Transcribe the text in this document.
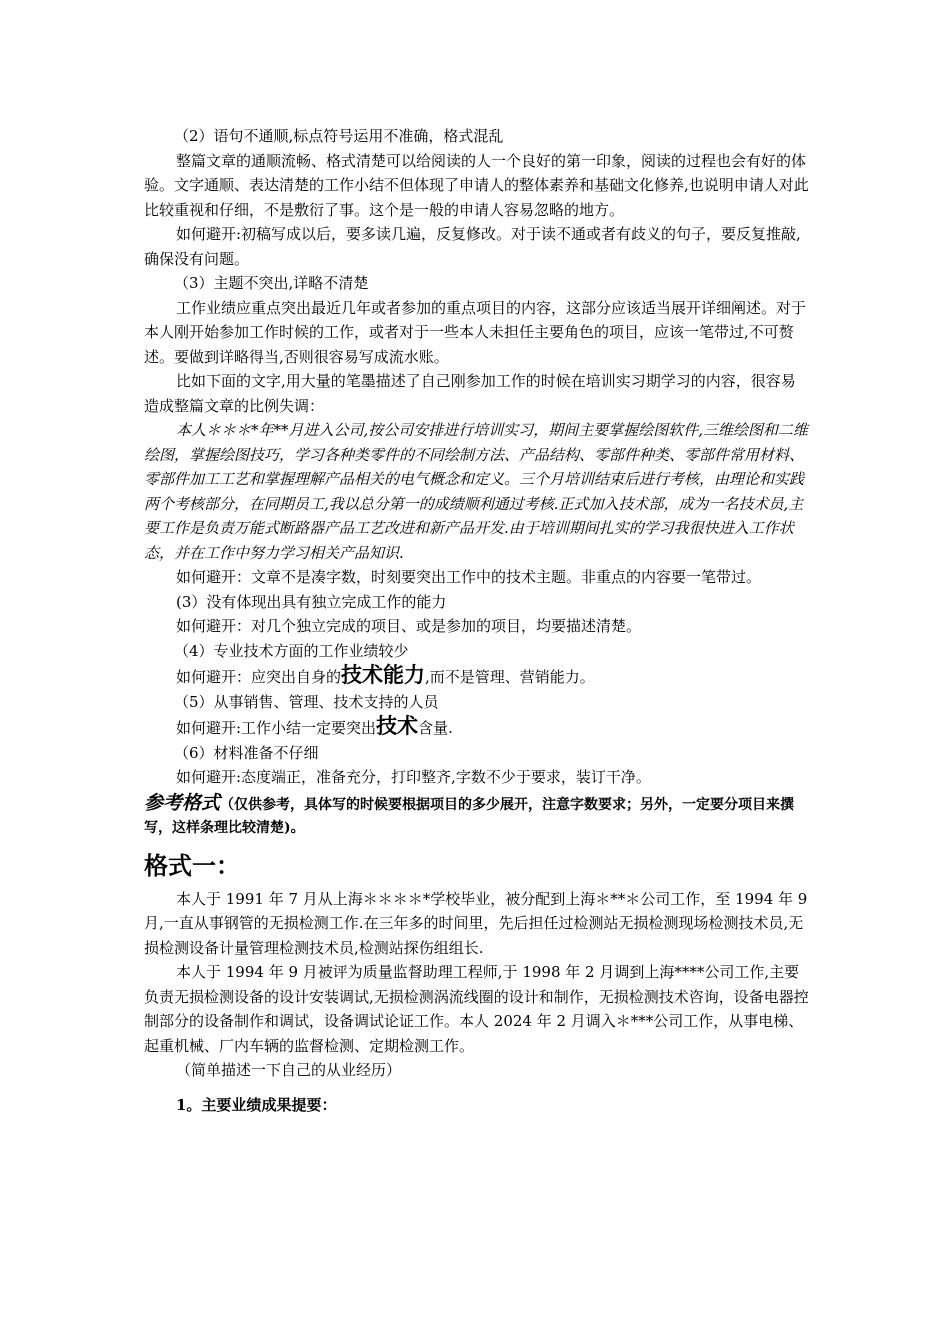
（2）语句不通顺,标点符号运用不准确，格式混乱

整篇文章的通顺流畅、格式清楚可以给阅读的人一个良好的第一印象，阅读的过程也会有好的体验。文字通顺、表达清楚的工作小结不但体现了申请人的整体素养和基础文化修养,也说明申请人对此比较重视和仔细，不是敷衍了事。这个是一般的申请人容易忽略的地方。

如何避开:初稿写成以后，要多读几遍，反复修改。对于读不通或者有歧义的句子，要反复推敲,确保没有问题。

（3）主题不突出,详略不清楚

工作业绩应重点突出最近几年或者参加的重点项目的内容，这部分应该适当展开详细阐述。对于本人刚开始参加工作时候的工作，或者对于一些本人未担任主要角色的项目，应该一笔带过,不可赘述。要做到详略得当,否则很容易写成流水账。

比如下面的文字,用大量的笔墨描述了自己刚参加工作的时候在培训实习期学习的内容，很容易造成整篇文章的比例失调：

本人＊＊＊*年**月进入公司,按公司安排进行培训实习，期间主要掌握绘图软件,三维绘图和二维绘图，掌握绘图技巧，学习各种类零件的不同绘制方法、产品结构、零部件种类、零部件常用材料、零部件加工工艺和掌握理解产品相关的电气概念和定义。三个月培训结束后进行考核，由理论和实践两个考核部分，在同期员工,我以总分第一的成绩顺利通过考核.正式加入技术部，成为一名技术员,主要工作是负责万能式断路器产品工艺改进和新产品开发.由于培训期间扎实的学习我很快进入工作状态，并在工作中努力学习相关产品知识.

如何避开：文章不是凑字数，时刻要突出工作中的技术主题。非重点的内容要一笔带过。

(3）没有体现出具有独立完成工作的能力

如何避开：对几个独立完成的项目、或是参加的项目，均要描述清楚。

（4）专业技术方面的工作业绩较少

如何避开：应突出自身的技术能力,而不是管理、营销能力。

（5）从事销售、管理、技术支持的人员

如何避开:工作小结一定要突出技术含量.

（6）材料准备不仔细

如何避开:态度端正，准备充分，打印整齐,字数不少于要求，装订干净。

参考格式（仅供参考，具体写的时候要根据项目的多少展开，注意字数要求；另外，一定要分项目来撰写，这样条理比较清楚)。

格式一：

本人于 1991 年 7 月从上海＊＊＊＊*学校毕业，被分配到上海＊**＊公司工作，至 1994 年 9 月,一直从事钢管的无损检测工作.在三年多的时间里，先后担任过检测站无损检测现场检测技术员,无损检测设备计量管理检测技术员,检测站探伤组组长.

本人于 1994 年 9 月被评为质量监督助理工程师,于 1998 年 2 月调到上海****公司工作,主要负责无损检测设备的设计安装调试,无损检测涡流线圈的设计和制作，无损检测技术咨询，设备电器控制部分的设备制作和调试，设备调试论证工作。本人 2024 年 2 月调入＊***公司工作，从事电梯、起重机械、厂内车辆的监督检测、定期检测工作。

（简单描述一下自己的从业经历）

1。主要业绩成果提要：
